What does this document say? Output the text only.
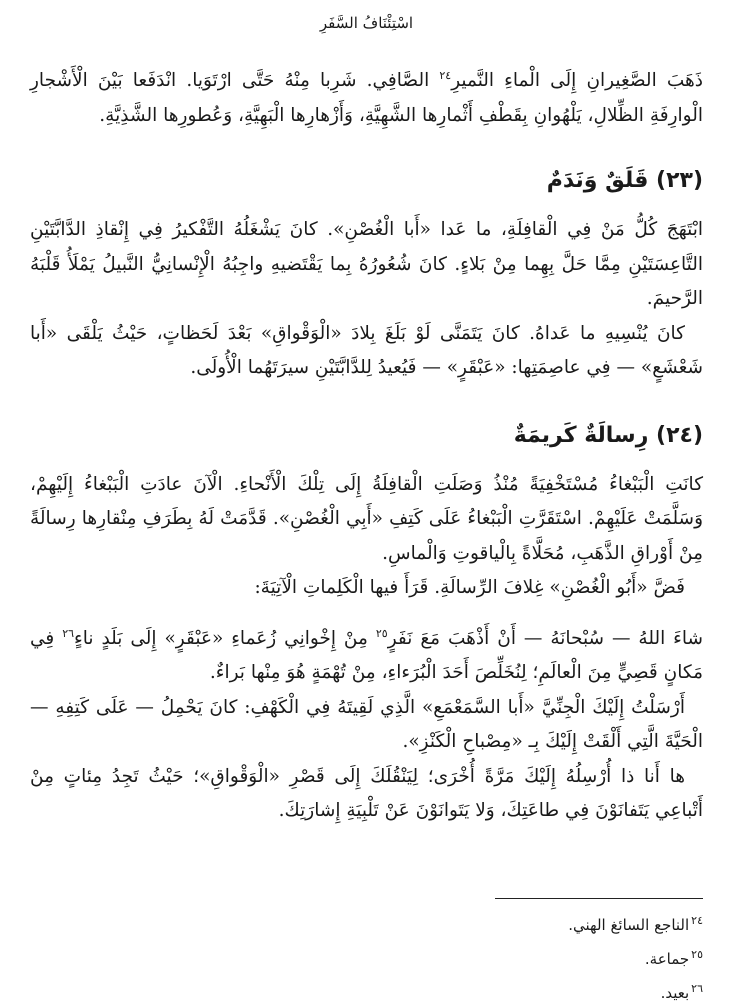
اسْتِئْنَافُ السَّفَرِ

ذَهَبَ الصَّغِيرانِ إِلَى الْماءِ النَّميرِ$^{٢٤}$ الصَّافِي. شَرِبا مِنْهُ حَتَّى ارْتَوَيا. انْدَفَعا بَيْنَ الْأَشْجارِ الْوارِفَةِ الظِّلالِ، يَلْهُوانِ بِقَطْفِ أَثْمارِها الشَّهِيَّةِ، وَأَزْهارِها الْبَهِيَّةِ، وَعُطورِها الشَّذِيَّةِ.

(٢٣) قَلَقٌ وَنَدَمٌ

ابْتَهَجَ كُلُّ مَنْ فِي الْقافِلَةِ، ما عَدا «أَبا الْغُصْنِ». كانَ يَشْغَلُهُ التَّفْكيرُ فِي إِنْقاذِ الدَّابَّتَيْنِ التَّاعِسَتَيْنِ مِمَّا حَلَّ بِهِما مِنْ بَلاءٍ. كانَ شُعُورُهُ بِما يَقْتَضيهِ واجِبُهُ الْإِنْسانِيُّ النَّبيلُ يَمْلَأُ قَلْبَهُ الرَّحيمَ.

كانَ يُنْسِيهِ ما عَداهُ. كانَ يَتَمَنَّى لَوْ بَلَغَ بِلادَ «الْوَقْواقِ» بَعْدَ لَحَظاتٍ، حَيْثُ يَلْقَى «أَبا شَعْشَعٍ» — فِي عاصِمَتِها: «عَبْقَرٍ» — فَيُعيدُ لِلدَّابَّتَيْنِ سيرَتَهُما الْأُولَى.

(٢٤) رِسالَةٌ كَريمَةٌ

كانَتِ الْبَبْغاءُ مُسْتَخْفِيَةً مُنْذُ وَصَلَتِ الْقافِلَةُ إِلَى تِلْكَ الْأَنْحاءِ. الْآنَ عادَتِ الْبَبْغاءُ إِلَيْهِمْ، وَسَلَّمَتْ عَلَيْهِمْ. اسْتَقَرَّتِ الْبَبْغاءُ عَلَى كَتِفِ «أَبِي الْغُصْنِ». قَدَّمَتْ لَهُ بِطَرَفِ مِنْقارِها رِسالَةً مِنْ أَوْراقِ الذَّهَبِ، مُحَلَّاةً بِالْياقوتِ وَالْماسِ.

فَضَّ «أَبُو الْغُصْنِ» غِلافَ الرِّسالَةِ. قَرَأَ فيها الْكَلِماتِ الْآتِيَةَ:

شاءَ اللهُ — سُبْحانَهُ — أَنْ أَذْهَبَ مَعَ نَفَرٍ$^{٢٥}$ مِنْ إِخْوانِي زُعَماءِ «عَبْقَرٍ» إِلَى بَلَدٍ ناءٍ$^{٢٦}$ فِي مَكانٍ قَصِيٍّ مِنَ الْعالَمِ؛ لِنُخَلِّصَ أَحَدَ الْبُرَءاءِ، مِنْ تُهْمَةٍ هُوَ مِنْها بَراءٌ.

أَرْسَلْتُ إِلَيْكَ الْجِنِّيَّ «أَبا السَّمَعْمَعِ» الَّذِي لَقِيتَهُ فِي الْكَهْفِ: كانَ يَحْمِلُ — عَلَى كَتِفِهِ — الْحَيَّةَ الَّتِي أَلْقَتْ إِلَيْكَ بِـ «مِصْباحِ الْكَنْزِ».

ها أَنا ذا أُرْسِلُهُ إِلَيْكَ مَرَّةً أُخْرَى؛ لِيَنْقُلَكَ إِلَى قَصْرِ «الْوَقْواقِ»؛ حَيْثُ تَجِدُ مِئاتٍ مِنْ أَتْباعِي يَتَفانَوْنَ فِي طاعَتِكَ، وَلا يَتَوانَوْنَ عَنْ تَلْبِيَةِ إِشارَتِكَ.

$^{٢٤}$الناجع السائغ الهني.
$^{٢٥}$جماعة.
$^{٢٦}$بعيد.
